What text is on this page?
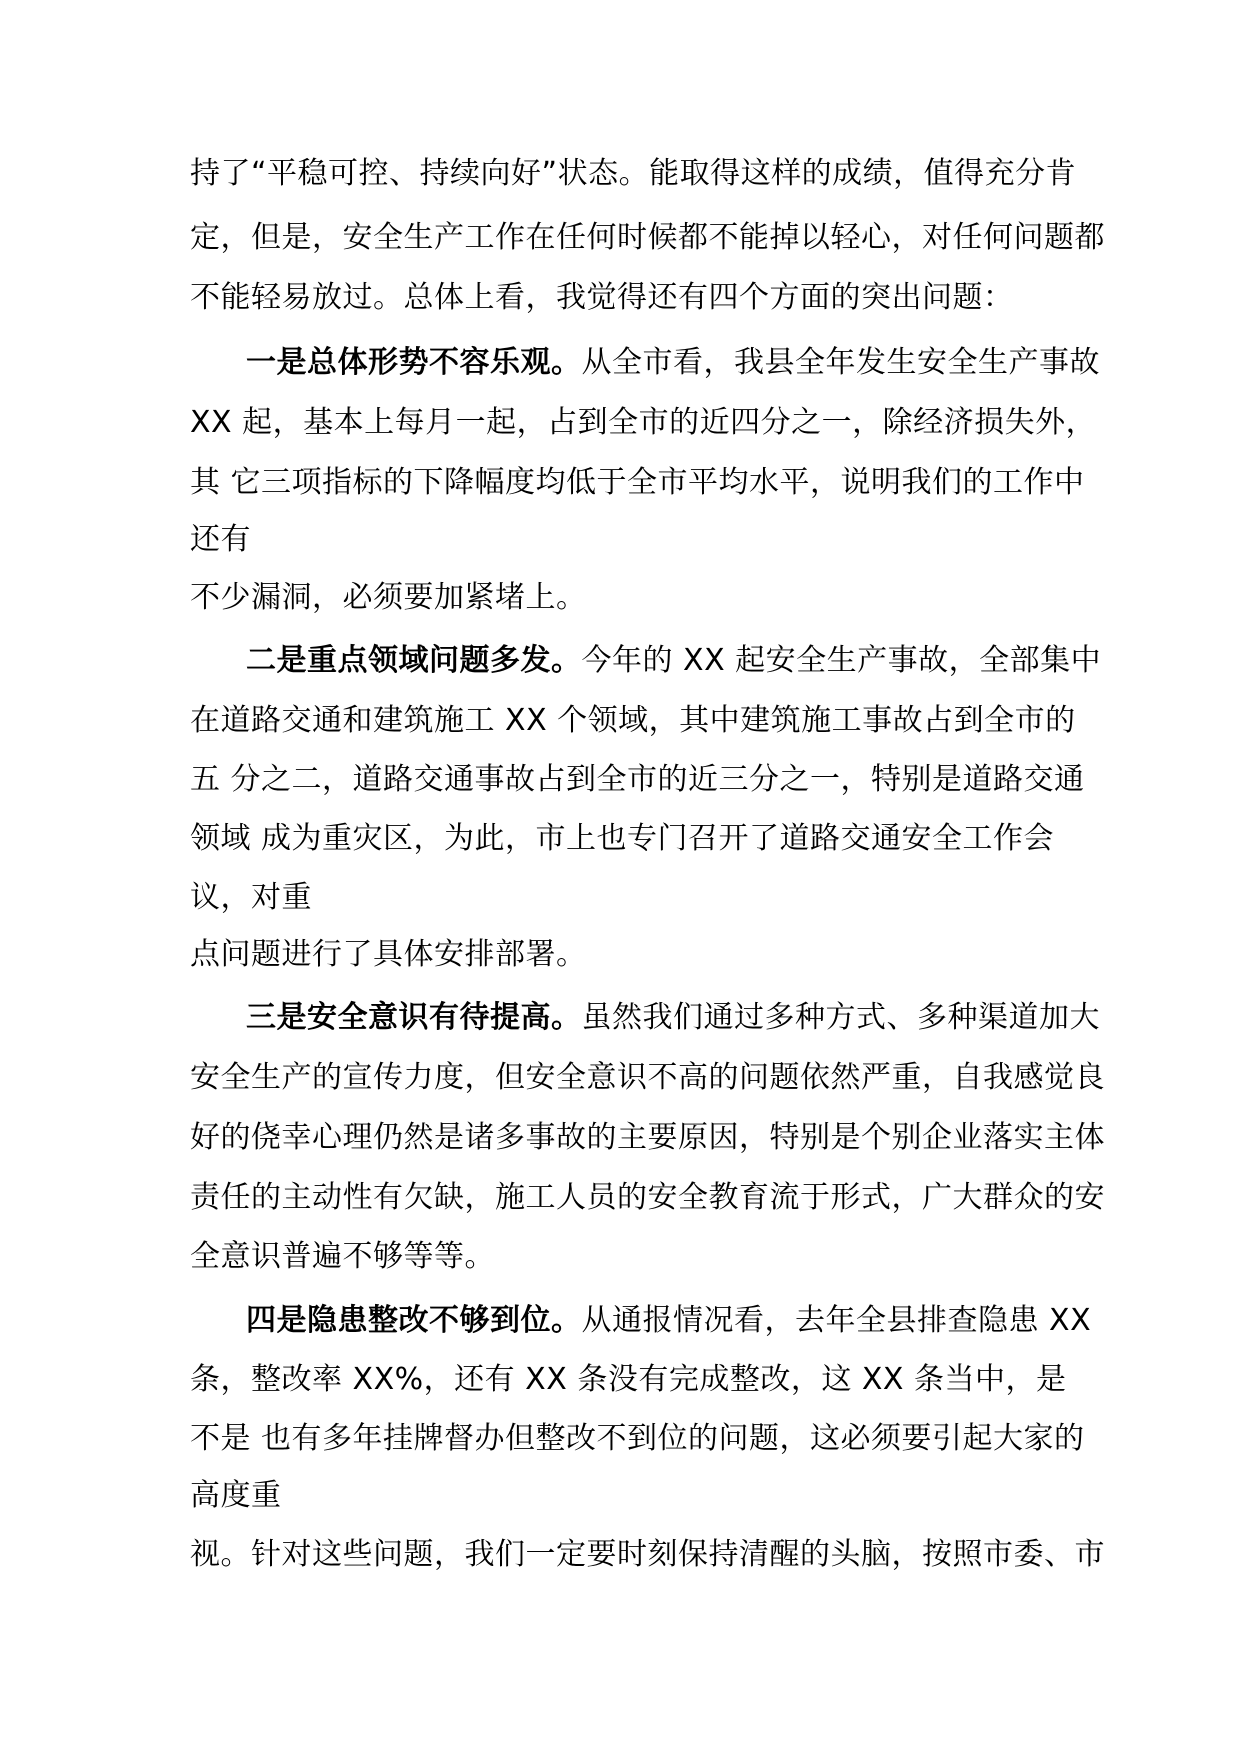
持了“平稳可控、持续向好”状态。能取得这样的成绩，值得充分肯
定，但是，安全生产工作在任何时候都不能掉以轻心，对任何问题都
不能轻易放过。总体上看，我觉得还有四个方面的突出问题：
一是总体形势不容乐观。从全市看，我县全年发生安全生产事故
XX 起，基本上每月一起，占到全市的近四分之一，除经济损失外，
其 它三项指标的下降幅度均低于全市平均水平，说明我们的工作中
还有
不少漏洞，必须要加紧堵上。
二是重点领域问题多发。今年的 XX 起安全生产事故，全部集中
在道路交通和建筑施工 XX 个领域，其中建筑施工事故占到全市的
五 分之二，道路交通事故占到全市的近三分之一，特别是道路交通
领域 成为重灾区，为此，市上也专门召开了道路交通安全工作会
议，对重
点问题进行了具体安排部署。
三是安全意识有待提高。虽然我们通过多种方式、多种渠道加大
安全生产的宣传力度，但安全意识不高的问题依然严重，自我感觉良
好的侥幸心理仍然是诸多事故的主要原因，特别是个别企业落实主体
责任的主动性有欠缺，施工人员的安全教育流于形式，广大群众的安
全意识普遍不够等等。
四是隐患整改不够到位。从通报情况看，去年全县排查隐患 XX
条，整改率 XX%，还有 XX 条没有完成整改，这 XX 条当中，是
不是 也有多年挂牌督办但整改不到位的问题，这必须要引起大家的
高度重
视。针对这些问题，我们一定要时刻保持清醒的头脑，按照市委、市
